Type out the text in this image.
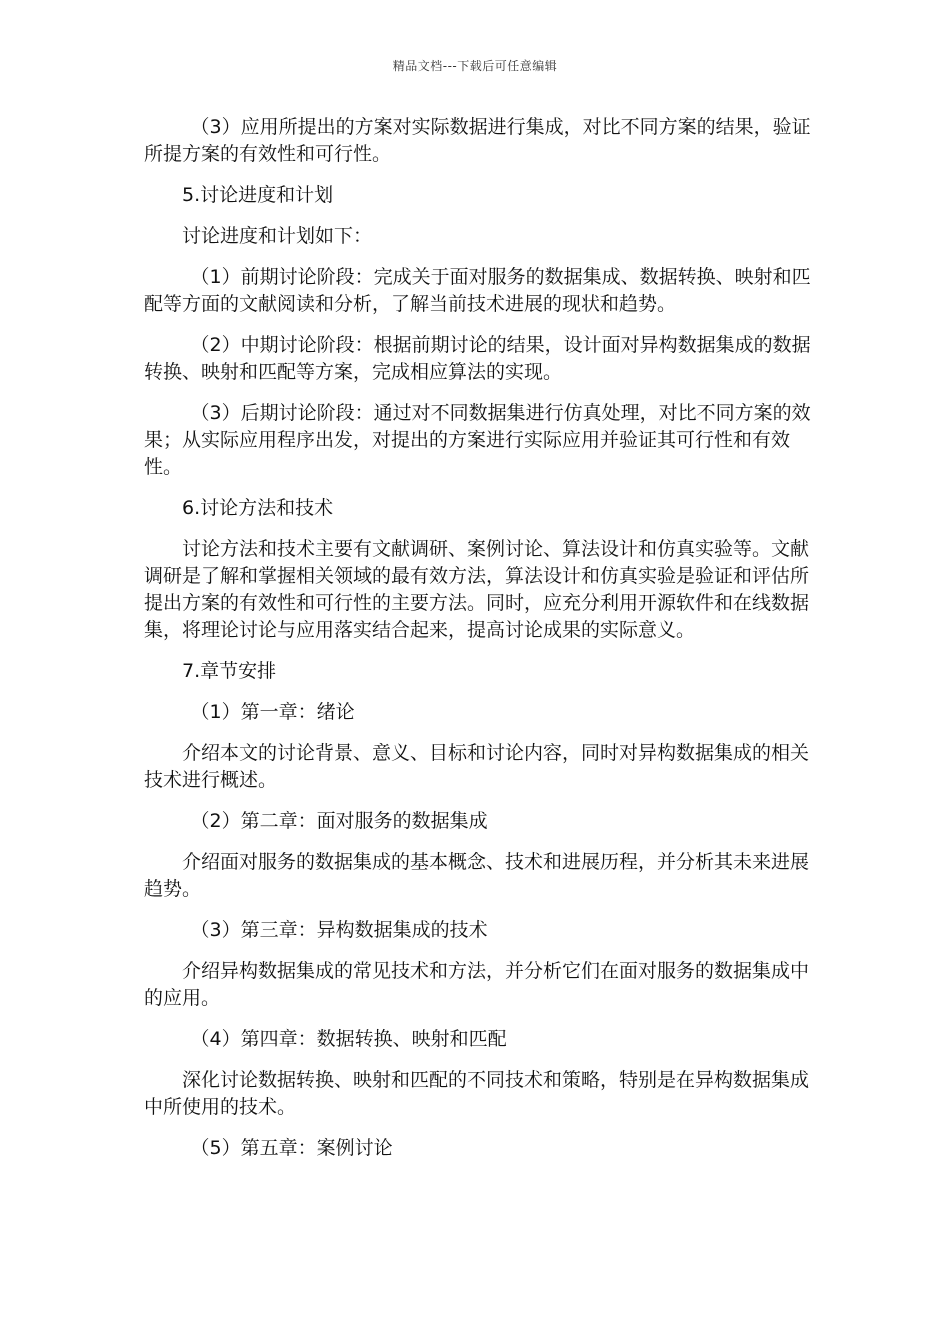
精品文档---下载后可任意编辑

（3）应用所提出的方案对实际数据进行集成，对比不同方案的结果，验证所提方案的有效性和可行性。

5.讨论进度和计划

讨论进度和计划如下：

（1）前期讨论阶段：完成关于面对服务的数据集成、数据转换、映射和匹配等方面的文献阅读和分析，了解当前技术进展的现状和趋势。

（2）中期讨论阶段：根据前期讨论的结果，设计面对异构数据集成的数据转换、映射和匹配等方案，完成相应算法的实现。

（3）后期讨论阶段：通过对不同数据集进行仿真处理，对比不同方案的效果；从实际应用程序出发，对提出的方案进行实际应用并验证其可行性和有效性。

6.讨论方法和技术

讨论方法和技术主要有文献调研、案例讨论、算法设计和仿真实验等。文献调研是了解和掌握相关领域的最有效方法，算法设计和仿真实验是验证和评估所提出方案的有效性和可行性的主要方法。同时，应充分利用开源软件和在线数据集，将理论讨论与应用落实结合起来，提高讨论成果的实际意义。

7.章节安排

（1）第一章：绪论

介绍本文的讨论背景、意义、目标和讨论内容，同时对异构数据集成的相关技术进行概述。

（2）第二章：面对服务的数据集成

介绍面对服务的数据集成的基本概念、技术和进展历程，并分析其未来进展趋势。

（3）第三章：异构数据集成的技术

介绍异构数据集成的常见技术和方法，并分析它们在面对服务的数据集成中的应用。

（4）第四章：数据转换、映射和匹配

深化讨论数据转换、映射和匹配的不同技术和策略，特别是在异构数据集成中所使用的技术。

（5）第五章：案例讨论
